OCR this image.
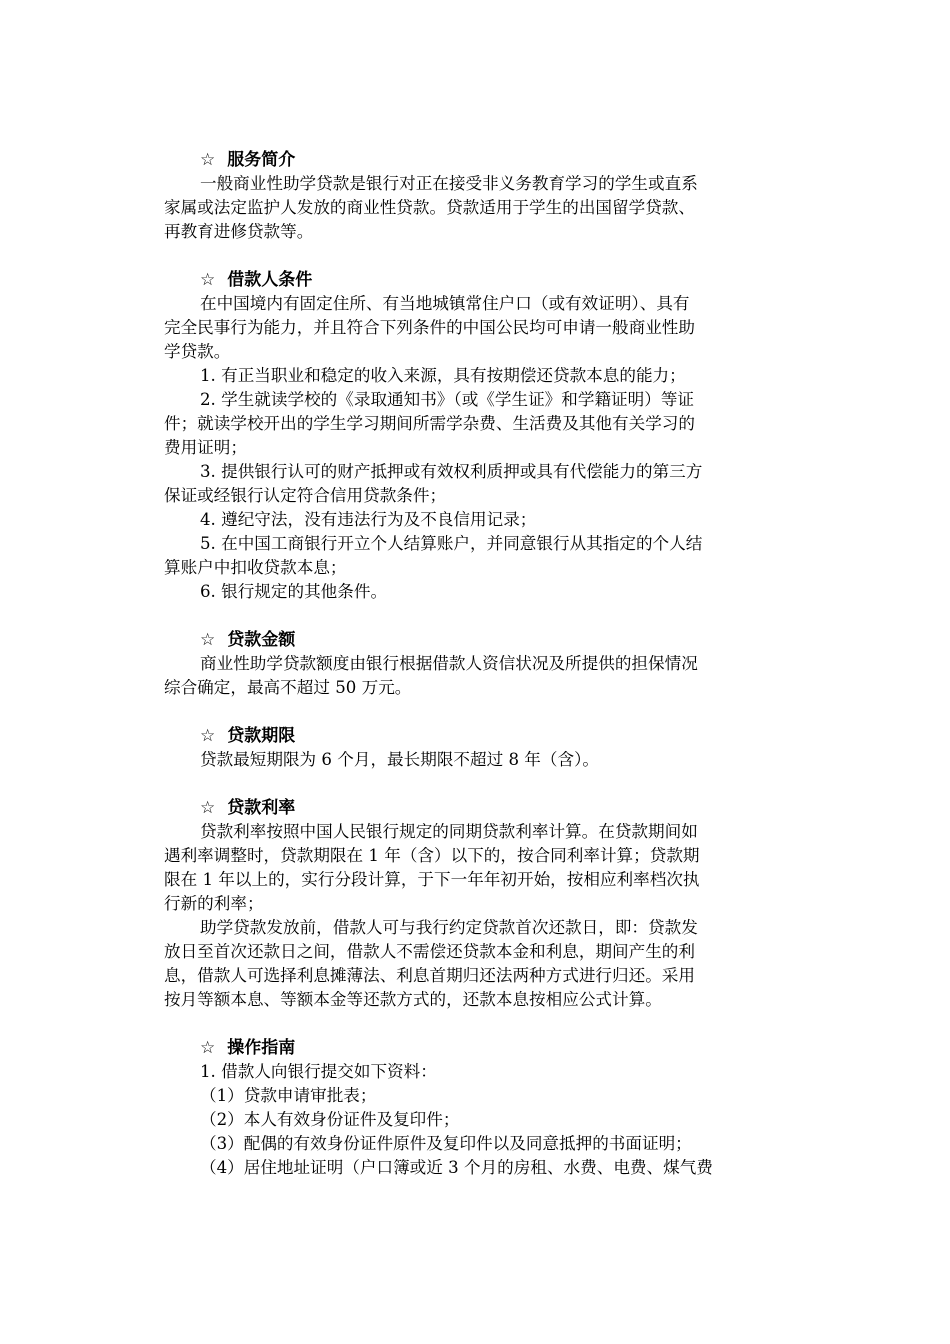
☆ 服务简介
一般商业性助学贷款是银行对正在接受非义务教育学习的学生或直系
家属或法定监护人发放的商业性贷款。贷款适用于学生的出国留学贷款、
再教育进修贷款等。
☆ 借款人条件
在中国境内有固定住所、有当地城镇常住户口（或有效证明）、具有
完全民事行为能力，并且符合下列条件的中国公民均可申请一般商业性助
学贷款。
1. 有正当职业和稳定的收入来源，具有按期偿还贷款本息的能力；
2. 学生就读学校的《录取通知书》（或《学生证》和学籍证明）等证
件；就读学校开出的学生学习期间所需学杂费、生活费及其他有关学习的
费用证明；
3. 提供银行认可的财产抵押或有效权利质押或具有代偿能力的第三方
保证或经银行认定符合信用贷款条件；
4. 遵纪守法，没有违法行为及不良信用记录；
5. 在中国工商银行开立个人结算账户，并同意银行从其指定的个人结
算账户中扣收贷款本息；
6. 银行规定的其他条件。
☆ 贷款金额
商业性助学贷款额度由银行根据借款人资信状况及所提供的担保情况
综合确定，最高不超过 50 万元。
☆ 贷款期限
贷款最短期限为 6 个月，最长期限不超过 8 年（含）。
☆ 贷款利率
贷款利率按照中国人民银行规定的同期贷款利率计算。在贷款期间如
遇利率调整时，贷款期限在 1 年（含）以下的，按合同利率计算；贷款期
限在 1 年以上的，实行分段计算，于下一年年初开始，按相应利率档次执
行新的利率；
助学贷款发放前，借款人可与我行约定贷款首次还款日，即：贷款发
放日至首次还款日之间，借款人不需偿还贷款本金和利息，期间产生的利
息，借款人可选择利息摊薄法、利息首期归还法两种方式进行归还。采用
按月等额本息、等额本金等还款方式的，还款本息按相应公式计算。
☆ 操作指南
1. 借款人向银行提交如下资料：
（1）贷款申请审批表；
（2）本人有效身份证件及复印件；
（3）配偶的有效身份证件原件及复印件以及同意抵押的书面证明；
（4）居住地址证明（户口簿或近 3 个月的房租、水费、电费、煤气费
